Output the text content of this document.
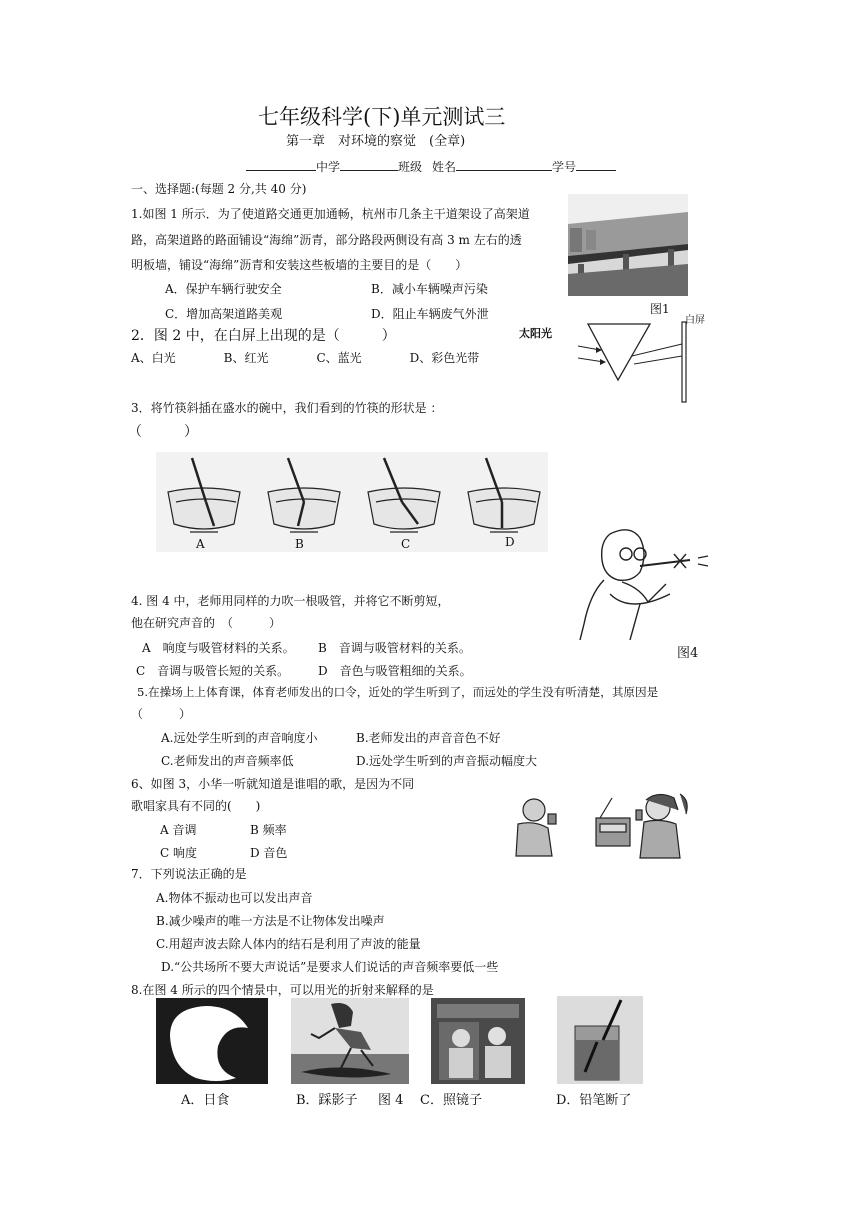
七年级科学(下)单元测试三
第一章　对环境的察觉　(全章)
中学	班级 姓名	学号
一、选择题:(每题 2 分,共 40 分)
1.如图 1 所示．为了使道路交通更加通畅，杭州市几条主干道架设了高架道
路，高架道路的路面铺设“海绵”沥青，部分路段两侧设有高 3 m 左右的透
明板墙，铺设“海绵”沥青和安装这些板墙的主要目的是（　　）
A．保护车辆行驶安全	B．减小车辆噪声污染
C．增加高架道路美观	D．阻止车辆废气外泄	图1
2．图 2 中，在白屏上出现的是（　　　）
A、白光　　　　B、红光　　　　C、蓝光　　　　D、彩色光带
太阳光
白屏
3．将竹筷斜插在盛水的碗中，我们看到的竹筷的形状是 ：
（　　　）
A	B	C	D
图4
4. 图 4 中，老师用同样的力吹一根吸管，并将它不断剪短，
他在研究声音的　（　　　）
A　响度与吸管材料的关系。 B　音调与吸管材料的关系。
C　音调与吸管长短的关系。 D　音色与吸管粗细的关系。
5.在操场上上体育课，体育老师发出的口令，近处的学生听到了，而远处的学生没有听清楚，其原因是
（　　　）
A.远处学生听到的声音响度小	B.老师发出的声音音色不好
C.老师发出的声音频率低	D.远处学生听到的声音振动幅度大
6、如图 3，小华一听就知道是谁唱的歌，是因为不同
歌唱家具有不同的(　　)
A 音调	B 频率
C 响度	D 音色
7．下列说法正确的是
A.物体不振动也可以发出声音
B.减少噪声的唯一方法是不让物体发出噪声
C.用超声波去除人体内的结石是利用了声波的能量
D.“公共场所不要大声说话”是要求人们说话的声音频率要低一些
8.在图 4 所示的四个情景中，可以用光的折射来解释的是
A．日食	B．踩影子 图 4 C．照镜子	D．铅笔断了
